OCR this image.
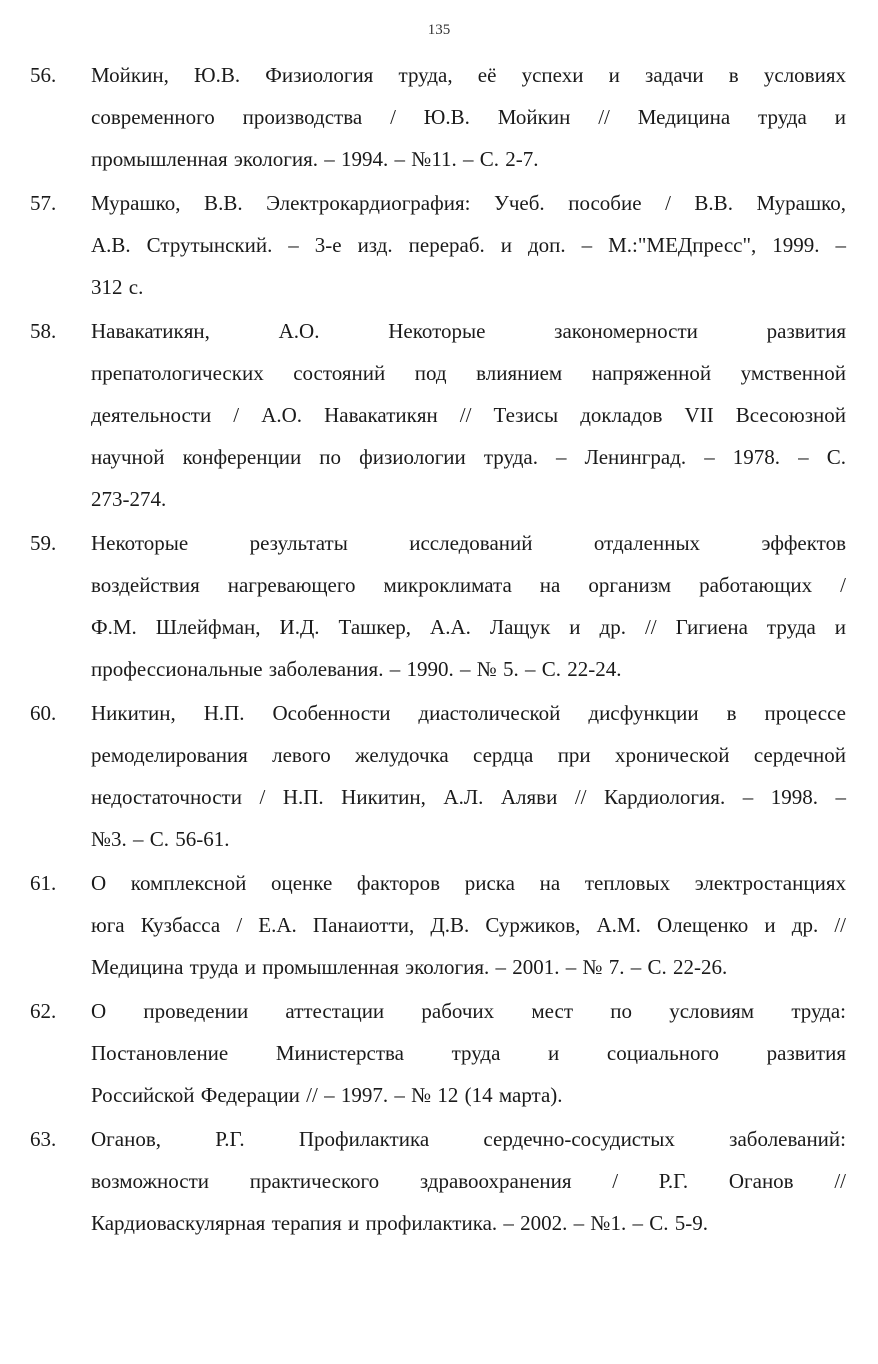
135
56. Мойкин, Ю.В. Физиология труда, её успехи и задачи в условиях
современного производства / Ю.В. Мойкин // Медицина труда и
промышленная экология. – 1994. – №11. – С. 2-7.
57. Мурашко, В.В. Электрокардиография: Учеб. пособие / В.В. Мурашко,
А.В. Струтынский. – 3-е изд. перераб. и доп. – М.:"МЕДпресс", 1999. –
312 с.
58. Навакатикян, А.О. Некоторые закономерности развития
препатологических состояний под влиянием напряженной умственной
деятельности / А.О. Навакатикян // Тезисы докладов VII Всесоюзной
научной конференции по физиологии труда. – Ленинград. – 1978. – С.
273-274.
59. Некоторые результаты исследований отдаленных эффектов
воздействия нагревающего микроклимата на организм работающих /
Ф.М. Шлейфман, И.Д. Ташкер, А.А. Лащук и др. // Гигиена труда и
профессиональные заболевания. – 1990. – № 5. – С. 22-24.
60. Никитин, Н.П. Особенности диастолической дисфункции в процессе
ремоделирования левого желудочка сердца при хронической сердечной
недостаточности / Н.П. Никитин, А.Л. Аляви // Кардиология. – 1998. –
№3. – С. 56-61.
61. О комплексной оценке факторов риска на тепловых электростанциях
юга Кузбасса / Е.А. Панаиотти, Д.В. Суржиков, А.М. Олещенко и др. //
Медицина труда и промышленная экология. – 2001. – № 7. – С. 22-26.
62. О проведении аттестации рабочих мест по условиям труда:
Постановление Министерства труда и социального развития
Российской Федерации // – 1997. – № 12 (14 марта).
63. Оганов, Р.Г. Профилактика сердечно-сосудистых заболеваний:
возможности практического здравоохранения / Р.Г. Оганов //
Кардиоваскулярная терапия и профилактика. – 2002. – №1. – С. 5-9.
